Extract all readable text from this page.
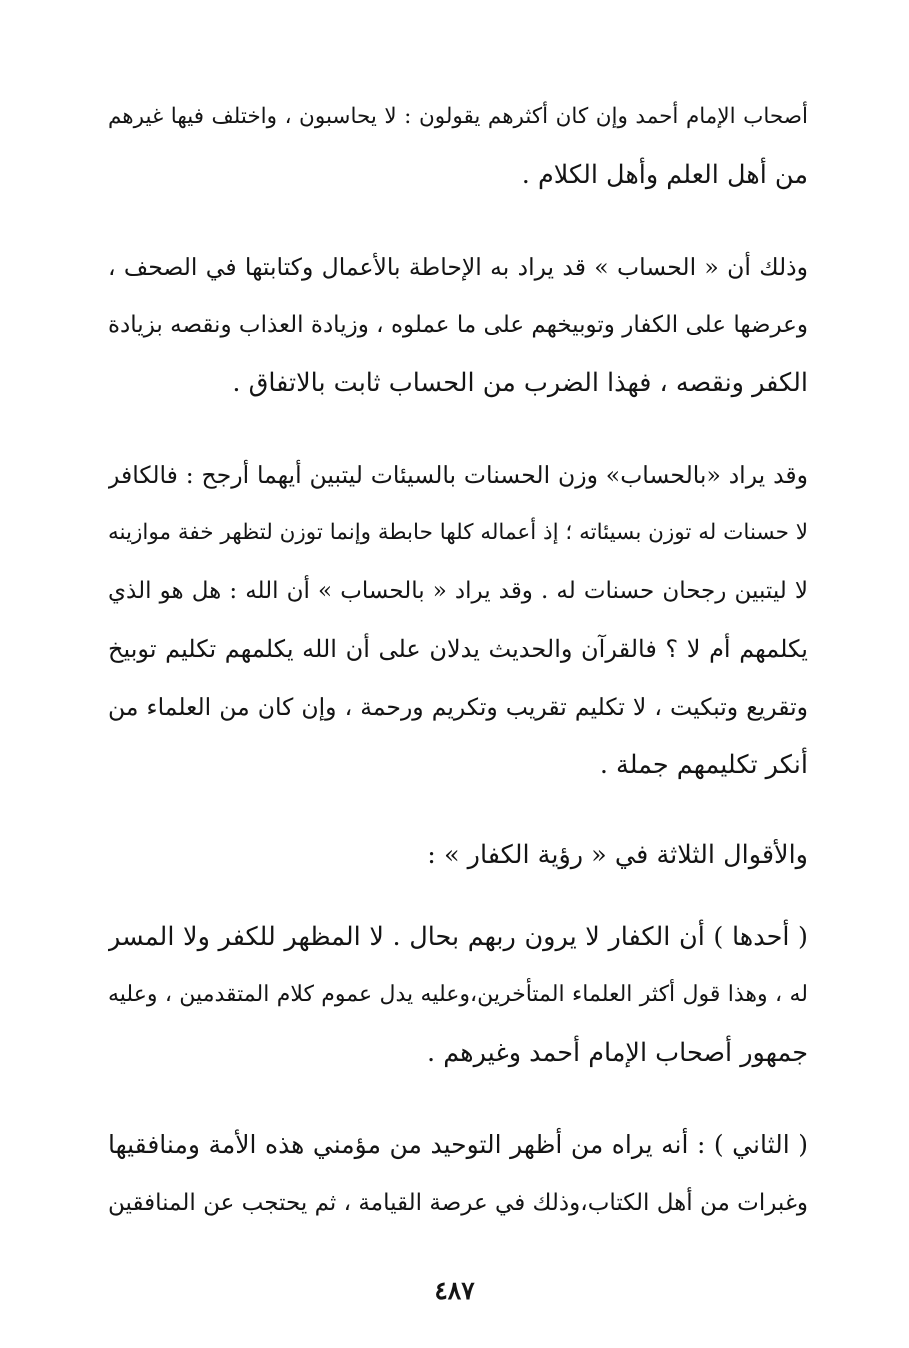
أصحاب الإمام أحمد وإن كان أكثرهم يقولون : لا يحاسبون ، واختلف فيها غيرهم
من أهل العلم وأهل الكلام .
وذلك أن « الحساب » قد يراد به الإحاطة بالأعمال وكتابتها في الصحف ،
وعرضها على الكفار وتوبيخهم على ما عملوه ، وزيادة العذاب ونقصه بزيادة
الكفر ونقصه ، فهذا الضرب من الحساب ثابت بالاتفاق .
وقد يراد «بالحساب» وزن الحسنات بالسيئات ليتبين أيهما أرجح : فالكافر
لا حسنات له توزن بسيئاته ؛ إذ أعماله كلها حابطة وإنما توزن لتظهر خفة موازينه
لا ليتبين رجحان حسنات له . وقد يراد « بالحساب » أن الله : هل هو الذي
يكلمهم أم لا ؟ فالقرآن والحديث يدلان على أن الله يكلمهم تكليم توبيخ
وتقريع وتبكيت ، لا تكليم تقريب وتكريم ورحمة ، وإن كان من العلماء من
أنكر تكليمهم جملة .
والأقوال الثلاثة في « رؤية الكفار » :
( أحدها ) أن الكفار لا يرون ربهم بحال . لا المظهر للكفر ولا المسر
له ، وهذا قول أكثر العلماء المتأخرين،وعليه يدل عموم كلام المتقدمين ، وعليه
جمهور أصحاب الإمام أحمد وغيرهم .
( الثاني ) : أنه يراه من أظهر التوحيد من مؤمني هذه الأمة ومنافقيها
وغبرات من أهل الكتاب،وذلك في عرصة القيامة ، ثم يحتجب عن المنافقين
٤٨٧
